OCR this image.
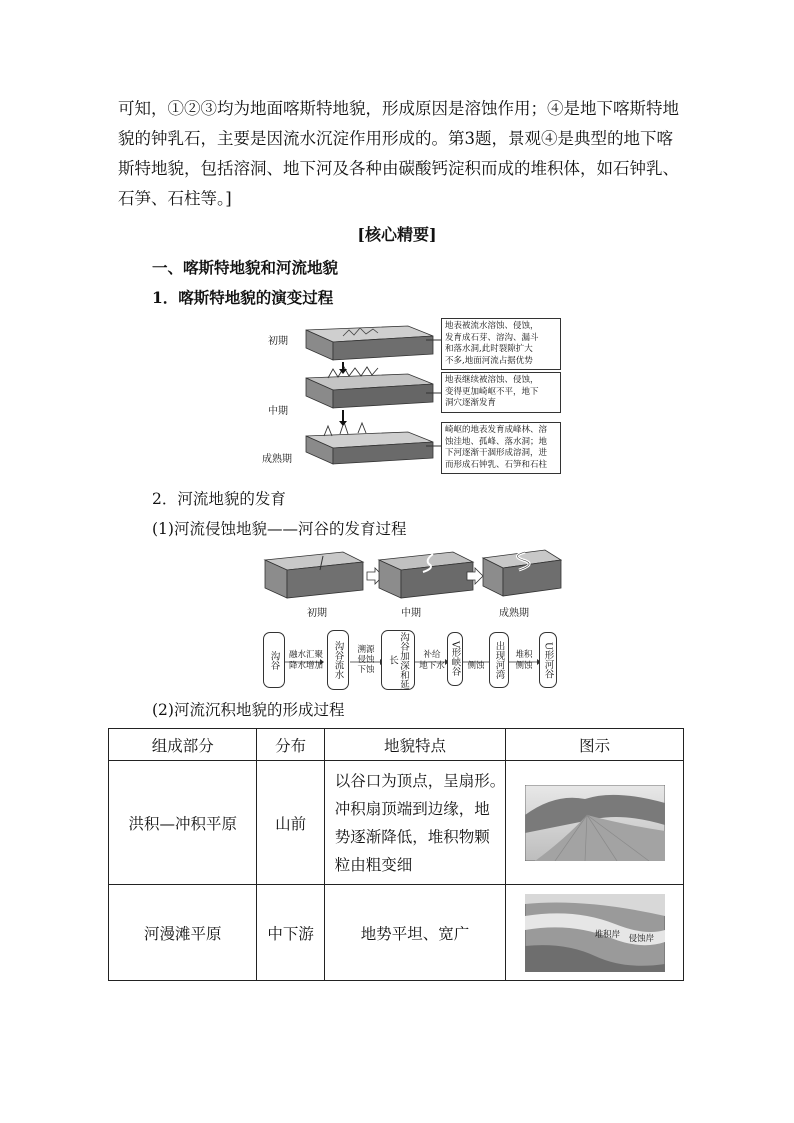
可知，①②③均为地面喀斯特地貌，形成原因是溶蚀作用；④是地下喀斯特地
貌的钟乳石，主要是因流水沉淀作用形成的。第3题，景观④是典型的地下喀
斯特地貌，包括溶洞、地下河及各种由碳酸钙淀积而成的堆积体，如石钟乳、
石笋、石柱等。]
[核心精要]
一、喀斯特地貌和河流地貌
1．喀斯特地貌的演变过程
初期
中期
成熟期
地表被流水溶蚀、侵蚀，
发育成石芽、溶沟、漏斗
和落水洞,此时裂隙扩大
不多,地面河流占据优势
地表继续被溶蚀、侵蚀，
变得更加崎岖不平，地下
洞穴逐渐发育
崎岖的地表发育成峰林、溶
蚀洼地、孤峰、落水洞；地
下河逐渐干涸形成溶洞，进
而形成石钟乳、石笋和石柱
2．河流地貌的发育
(1)河流侵蚀地貌——河谷的发育过程
初期	中期	成熟期
沟谷	沟谷流水	沟谷加深和延长	V形峡谷	出现河湾	U形河谷
融水汇聚
降水增加
溯源侵蚀
下蚀
补给
地下水	侧蚀
堆积
侧蚀
(2)河流沉积地貌的形成过程
组成部分	分布	地貌特点	图示
洪积—冲积平原	山前	以谷口为顶点，呈扇形。
冲积扇顶端到边缘，地
势逐渐降低，堆积物颗
粒由粗变细

河漫滩平原	中下游	地势平坦、宽广	堆积岸 侵蚀岸
